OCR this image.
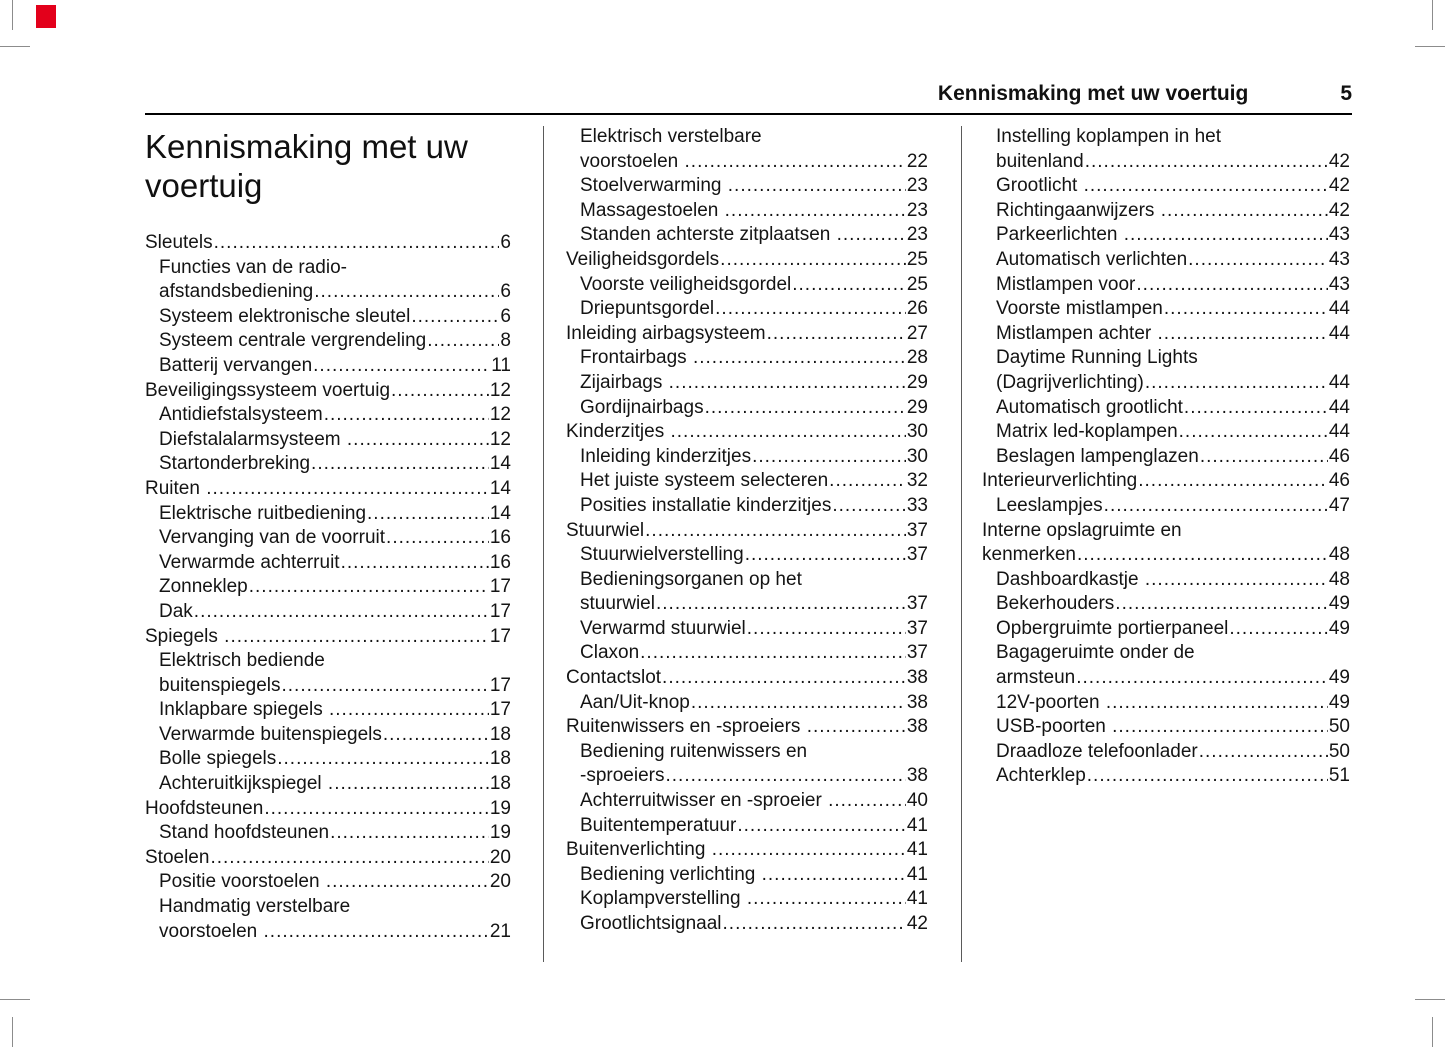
Kennismaking met uw voertuig	5
Kennismaking met uw
voertuig
Sleutels .....	6
Functies van de radio-
afstandsbediening .....	6
Systeem elektronische sleutel .....	6
Systeem centrale vergrendeling .....	8
Batterij vervangen .....	11
Beveiligingssysteem voertuig .....	12
Antidiefstalsysteem .....	12
Diefstalalarmsysteem .....	12
Startonderbreking .....	14
Ruiten .....	14
Elektrische ruitbediening .....	14
Vervanging van de voorruit .....	16
Verwarmde achterruit .....	16
Zonneklep .....	17
Dak .....	17
Spiegels .....	17
Elektrisch bediende
buitenspiegels .....	17
Inklapbare spiegels .....	17
Verwarmde buitenspiegels .....	18
Bolle spiegels .....	18
Achteruitkijkspiegel .....	18
Hoofdsteunen .....	19
Stand hoofdsteunen .....	19
Stoelen .....	20
Positie voorstoelen .....	20
Handmatig verstelbare
voorstoelen .....	21
Elektrisch verstelbare
voorstoelen .....	22
Stoelverwarming .....	23
Massagestoelen .....	23
Standen achterste zitplaatsen .....	23
Veiligheidsgordels .....	25
Voorste veiligheidsgordel .....	25
Driepuntsgordel .....	26
Inleiding airbagsysteem .....	27
Frontairbags .....	28
Zijairbags .....	29
Gordijnairbags .....	29
Kinderzitjes .....	30
Inleiding kinderzitjes .....	30
Het juiste systeem selecteren .....	32
Posities installatie kinderzitjes .....	33
Stuurwiel .....	37
Stuurwielverstelling .....	37
Bedieningsorganen op het
stuurwiel .....	37
Verwarmd stuurwiel .....	37
Claxon .....	37
Contactslot .....	38
Aan/Uit-knop .....	38
Ruitenwissers en -sproeiers .....	38
Bediening ruitenwissers en
-sproeiers .....	38
Achterruitwisser en -sproeier .....	40
Buitentemperatuur .....	41
Buitenverlichting .....	41
Bediening verlichting .....	41
Koplampverstelling .....	41
Grootlichtsignaal .....	42
Instelling koplampen in het
buitenland .....	42
Grootlicht .....	42
Richtingaanwijzers .....	42
Parkeerlichten .....	43
Automatisch verlichten .....	43
Mistlampen voor .....	43
Voorste mistlampen .....	44
Mistlampen achter .....	44
Daytime Running Lights
(Dagrijverlichting) .....	44
Automatisch grootlicht .....	44
Matrix led-koplampen .....	44
Beslagen lampenglazen .....	46
Interieurverlichting .....	46
Leeslampjes .....	47
Interne opslagruimte en
kenmerken .....	48
Dashboardkastje .....	48
Bekerhouders .....	49
Opbergruimte portierpaneel .....	49
Bagageruimte onder de
armsteun .....	49
12V-poorten .....	49
USB-poorten .....	50
Draadloze telefoonlader .....	50
Achterklep .....	51
